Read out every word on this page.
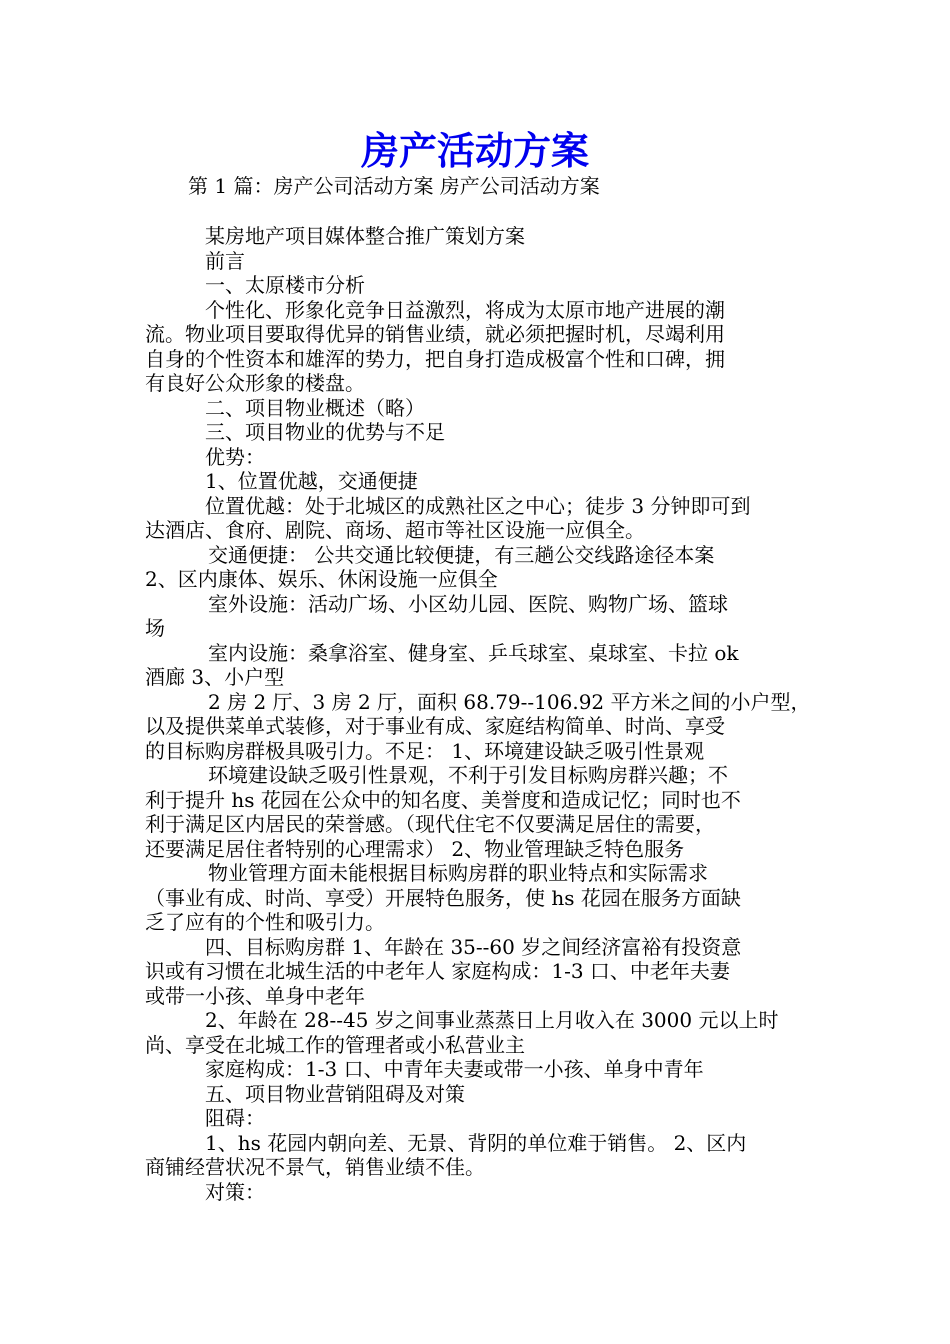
房产活动方案
第 1 篇：房产公司活动方案 房产公司活动方案
某房地产项目媒体整合推广策划方案
前言
一、太原楼市分析
个性化、形象化竞争日益激烈，将成为太原市地产进展的潮
流。物业项目要取得优异的销售业绩，就必须把握时机，尽竭利用
自身的个性资本和雄浑的势力，把自身打造成极富个性和口碑，拥
有良好公众形象的楼盘。
二、项目物业概述（略）
三、项目物业的优势与不足
优势：
1、位置优越，交通便捷
位置优越：处于北城区的成熟社区之中心；徒步 3 分钟即可到
达酒店、食府、剧院、商场、超市等社区设施一应俱全。
交通便捷： 公共交通比较便捷，有三趟公交线路途径本案
2、区内康体、娱乐、休闲设施一应俱全
室外设施：活动广场、小区幼儿园、医院、购物广场、篮球
场
室内设施：桑拿浴室、健身室、乒乓球室、桌球室、卡拉 ok
酒廊 3、小户型
2 房 2 厅、3 房 2 厅，面积 68.79--106.92 平方米之间的小户型，
以及提供菜单式装修，对于事业有成、家庭结构简单、时尚、享受
的目标购房群极具吸引力。不足： 1、环境建设缺乏吸引性景观
环境建设缺乏吸引性景观，不利于引发目标购房群兴趣；不
利于提升 hs 花园在公众中的知名度、美誉度和造成记忆；同时也不
利于满足区内居民的荣誉感。（现代住宅不仅要满足居住的需要，
还要满足居住者特别的心理需求） 2、物业管理缺乏特色服务
物业管理方面未能根据目标购房群的职业特点和实际需求
（事业有成、时尚、享受）开展特色服务，使 hs 花园在服务方面缺
乏了应有的个性和吸引力。
四、目标购房群 1、年龄在 35--60 岁之间经济富裕有投资意
识或有习惯在北城生活的中老年人 家庭构成：1-3 口、中老年夫妻
或带一小孩、单身中老年
2、年龄在 28--45 岁之间事业蒸蒸日上月收入在 3000 元以上时
尚、享受在北城工作的管理者或小私营业主
家庭构成：1-3 口、中青年夫妻或带一小孩、单身中青年
五、项目物业营销阻碍及对策
阻碍：
1、hs 花园内朝向差、无景、背阴的单位难于销售。 2、区内
商铺经营状况不景气，销售业绩不佳。
对策：
